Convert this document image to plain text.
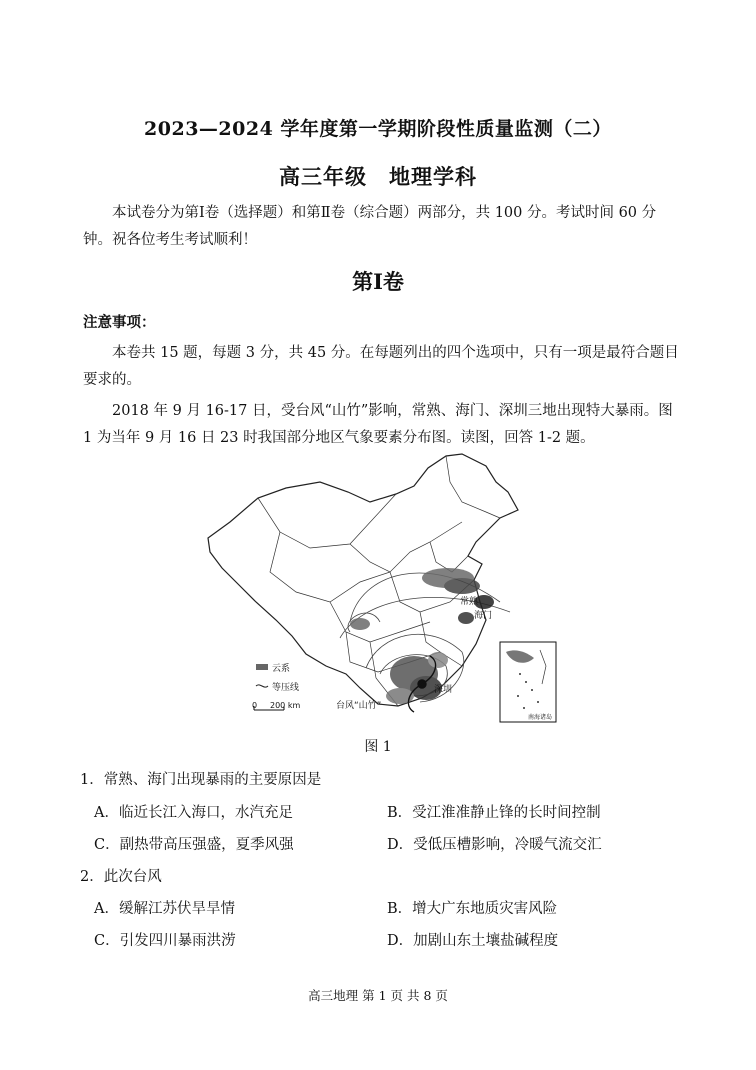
2023—2024 学年度第一学期阶段性质量监测（二）
高三年级　地理学科
本试卷分为第Ⅰ卷（选择题）和第Ⅱ卷（综合题）两部分，共 100 分。考试时间 60 分钟。祝各位考生考试顺利！
第Ⅰ卷
注意事项：
本卷共 15 题，每题 3 分，共 45 分。在每题列出的四个选项中，只有一项是最符合题目要求的。
2018 年 9 月 16-17 日，受台风“山竹”影响，常熟、海门、深圳三地出现特大暴雨。图 1 为当年 9 月 16 日 23 时我国部分地区气象要素分布图。读图，回答 1-2 题。
常熟
海门
深圳
台风“山竹”
云系
等压线
0 200 km
南海诸岛
图 1
1．常熟、海门出现暴雨的主要原因是
A．临近长江入海口，水汽充足	B．受江淮准静止锋的长时间控制
C．副热带高压强盛，夏季风强	D．受低压槽影响，冷暖气流交汇
2．此次台风
A．缓解江苏伏旱旱情	B．增大广东地质灾害风险
C．引发四川暴雨洪涝	D．加剧山东土壤盐碱程度
高三地理 第 1 页 共 8 页
